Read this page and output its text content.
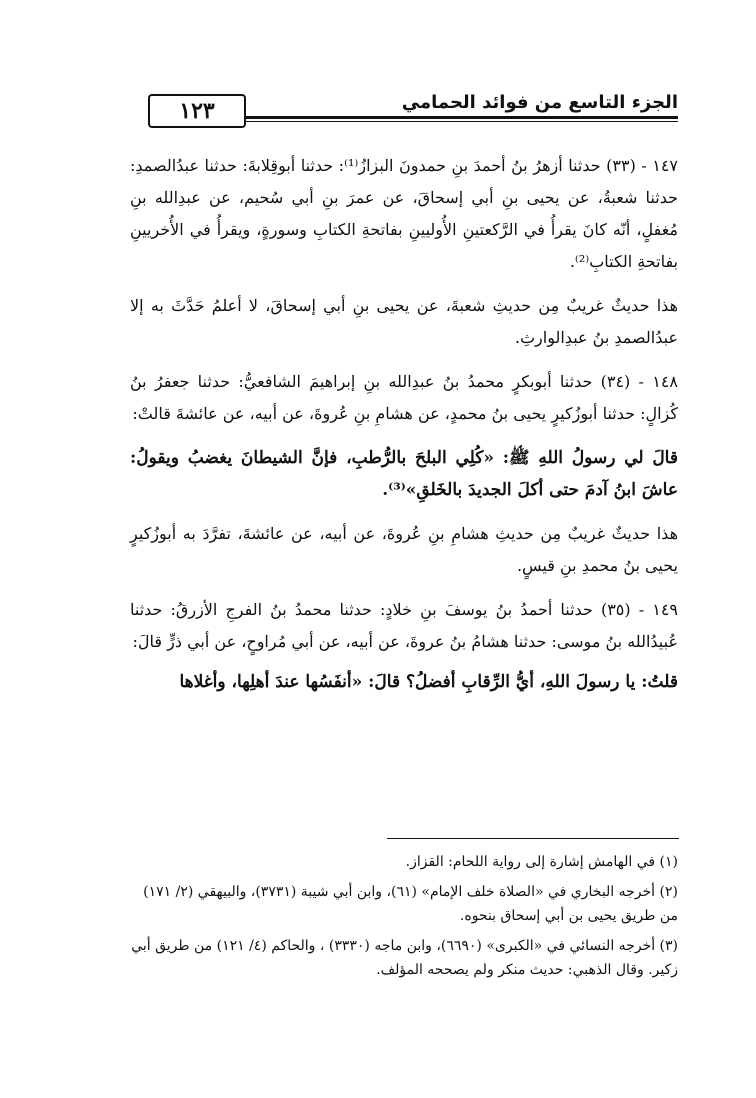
الجزء التاسع من فوائد الحمامي
١٢٣

١٤٧ - (٣٣) حدثنا أزهرُ بنُ أحمدَ بنِ حمدونَ البزازُ⁽¹⁾: حدثنا أبوقِلابةَ: حدثنا عبدُالصمدِ: حدثنا شعبةُ، عن يحيى بنِ أبي إسحاقَ، عن عمرَ بنِ أبي سُحيم، عن عبدِالله بنِ مُغفلٍ، أنّه كانَ يقرأُ في الرَّكعتينِ الأُوليينِ بفاتحةِ الكتابِ وسورةٍ، ويقرأُ في الأُخريينِ بفاتحةِ الكتابِ⁽²⁾.

هذا حديثٌ غريبٌ مِن حديثِ شعبةَ، عن يحيى بنِ أبي إسحاقَ، لا أعلمُ حَدَّثَ به إلا عبدُالصمدِ بنُ عبدِالوارثِ.

١٤٨ - (٣٤) حدثنا أبوبكرٍ محمدُ بنُ عبدِالله بنِ إبراهيمَ الشافعيُّ: حدثنا جعفرُ بنُ كُزالٍ: حدثنا أبوزُكيرٍ يحيى بنُ محمدٍ، عن هشامِ بنِ عُروةَ، عن أبيه، عن عائشةَ قالتْ:

قالَ لي رسولُ اللهِ ﷺ: «كُلِي البلحَ بالرُّطبِ، فإنَّ الشيطانَ يغضبُ ويقولُ: عاشَ ابنُ آدمَ حتى أكلَ الجديدَ بالخَلقِ»⁽³⁾.

هذا حديثٌ غريبٌ مِن حديثِ هشامِ بنِ عُروةَ، عن أبيه، عن عائشةَ، تفرَّدَ به أبوزُكيرٍ يحيى بنُ محمدِ بنِ قيسٍ.

١٤٩ - (٣٥) حدثنا أحمدُ بنُ يوسفَ بنِ خلادٍ: حدثنا محمدُ بنُ الفرجِ الأزرقُ: حدثنا عُبيدُالله بنُ موسى: حدثنا هشامُ بنُ عروةَ، عن أبيه، عن أبي مُراوحٍ، عن أبي ذرٍّ قالَ:

قلتُ: يا رسولَ اللهِ، أيُّ الرِّقابِ أفضلُ؟ قالَ: «أنفَسُها عندَ أهلِها، وأغلاها

(١) في الهامش إشارة إلى رواية اللحام: القزاز.

(٢) أخرجه البخاري في «الصلاة خلف الإمام» (٦١)، وابن أبي شيبة (٣٧٣١)، والبيهقي (٢/ ١٧١) من طريق يحيى بن أبي إسحاق بنحوه.

(٣) أخرجه النسائي في «الكبرى» (٦٦٩٠)، وابن ماجه (٣٣٣٠) ، والحاكم (٤/ ١٢١) من طريق أبي زكير. وقال الذهبي: حديث منكر ولم يصححه المؤلف.
